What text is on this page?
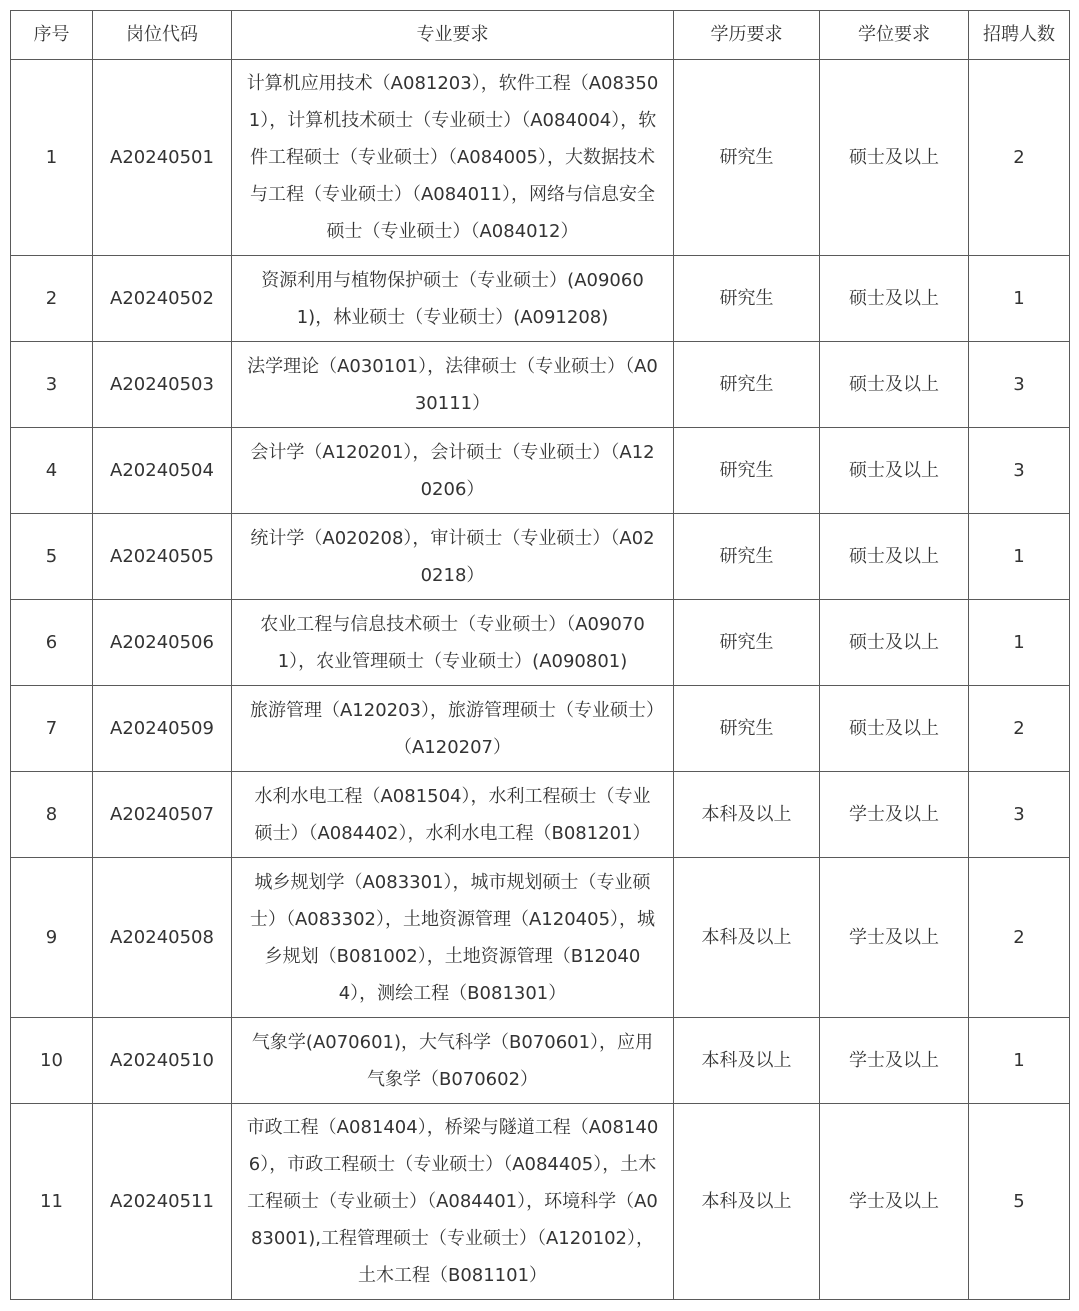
序号	岗位代码	专业要求	学历要求	学位要求	招聘人数
1	A20240501	计算机应用技术（A081203），软件工程（A083501），计算机技术硕士（专业硕士）（A084004），软件工程硕士（专业硕士）（A084005），大数据技术与工程（专业硕士）（A084011），网络与信息安全硕士（专业硕士）（A084012）	研究生	硕士及以上	2
2	A20240502	资源利用与植物保护硕士（专业硕士）(A090601)，林业硕士（专业硕士）(A091208)	研究生	硕士及以上	1
3	A20240503	法学理论（A030101），法律硕士（专业硕士）（A030111）	研究生	硕士及以上	3
4	A20240504	会计学（A120201），会计硕士（专业硕士）（A120206）	研究生	硕士及以上	3
5	A20240505	统计学（A020208），审计硕士（专业硕士）（A020218）	研究生	硕士及以上	1
6	A20240506	农业工程与信息技术硕士（专业硕士）（A090701），农业管理硕士（专业硕士）(A090801)	研究生	硕士及以上	1
7	A20240509	旅游管理（A120203），旅游管理硕士（专业硕士）（A120207）	研究生	硕士及以上	2
8	A20240507	水利水电工程（A081504），水利工程硕士（专业硕士）（A084402），水利水电工程（B081201）	本科及以上	学士及以上	3
9	A20240508	城乡规划学（A083301），城市规划硕士（专业硕士）（A083302），土地资源管理（A120405），城乡规划（B081002），土地资源管理（B120404），测绘工程（B081301）	本科及以上	学士及以上	2
10	A20240510	气象学(A070601)，大气科学（B070601），应用气象学（B070602）	本科及以上	学士及以上	1
11	A20240511	市政工程（A081404），桥梁与隧道工程（A081406），市政工程硕士（专业硕士）（A084405），土木工程硕士（专业硕士）（A084401），环境科学（A083001),工程管理硕士（专业硕士）（A120102），土木工程（B081101）	本科及以上	学士及以上	5
